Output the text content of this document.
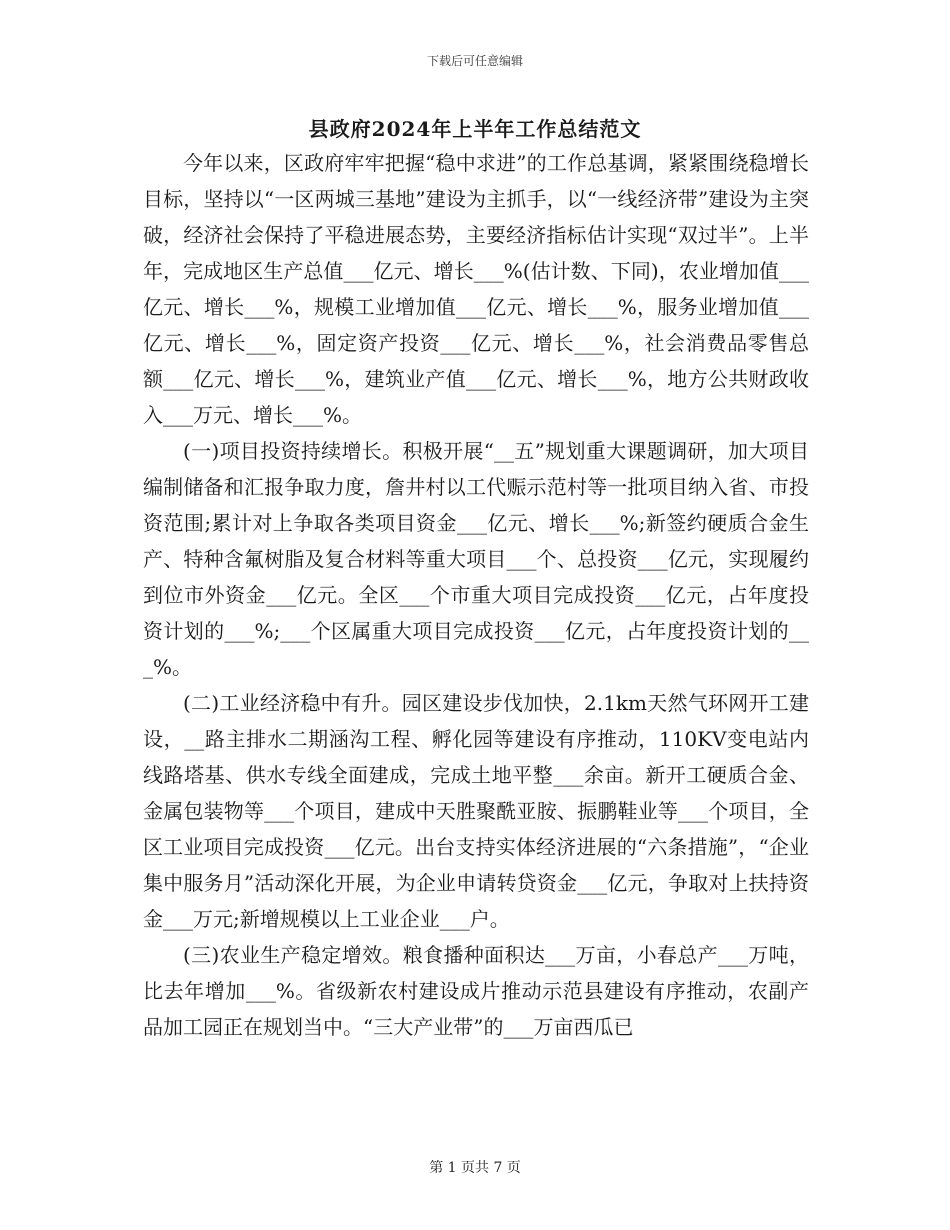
下载后可任意编辑
县政府2024年上半年工作总结范文

今年以来，区政府牢牢把握“稳中求进”的工作总基调，紧紧围绕稳增长目标，坚持以“一区两城三基地”建设为主抓手，以“一线经济带”建设为主突破，经济社会保持了平稳进展态势，主要经济指标估计实现“双过半”。上半年，完成地区生产总值___亿元、增长___%(估计数、下同)，农业增加值___亿元、增长___%，规模工业增加值___亿元、增长___%，服务业增加值___亿元、增长___%，固定资产投资___亿元、增长___%，社会消费品零售总额___亿元、增长___%，建筑业产值___亿元、增长___%，地方公共财政收入___万元、增长___%。

(一)项目投资持续增长。积极开展“__五”规划重大课题调研，加大项目编制储备和汇报争取力度，詹井村以工代赈示范村等一批项目纳入省、市投资范围;累计对上争取各类项目资金___亿元、增长___%;新签约硬质合金生产、特种含氟树脂及复合材料等重大项目___个、总投资___亿元，实现履约到位市外资金___亿元。全区___个市重大项目完成投资___亿元，占年度投资计划的___%;___个区属重大项目完成投资___亿元，占年度投资计划的___%。

(二)工业经济稳中有升。园区建设步伐加快，2.1km天然气环网开工建设，__路主排水二期涵沟工程、孵化园等建设有序推动，110KV变电站内线路塔基、供水专线全面建成，完成土地平整___余亩。新开工硬质合金、金属包装物等___个项目，建成中天胜聚酰亚胺、振鹏鞋业等___个项目，全区工业项目完成投资___亿元。出台支持实体经济进展的“六条措施”，“企业集中服务月”活动深化开展，为企业申请转贷资金___亿元，争取对上扶持资金___万元;新增规模以上工业企业___户。

(三)农业生产稳定增效。粮食播种面积达___万亩，小春总产___万吨，比去年增加___%。省级新农村建设成片推动示范县建设有序推动，农副产品加工园正在规划当中。“三大产业带”的___万亩西瓜已

第 1 页共 7 页
